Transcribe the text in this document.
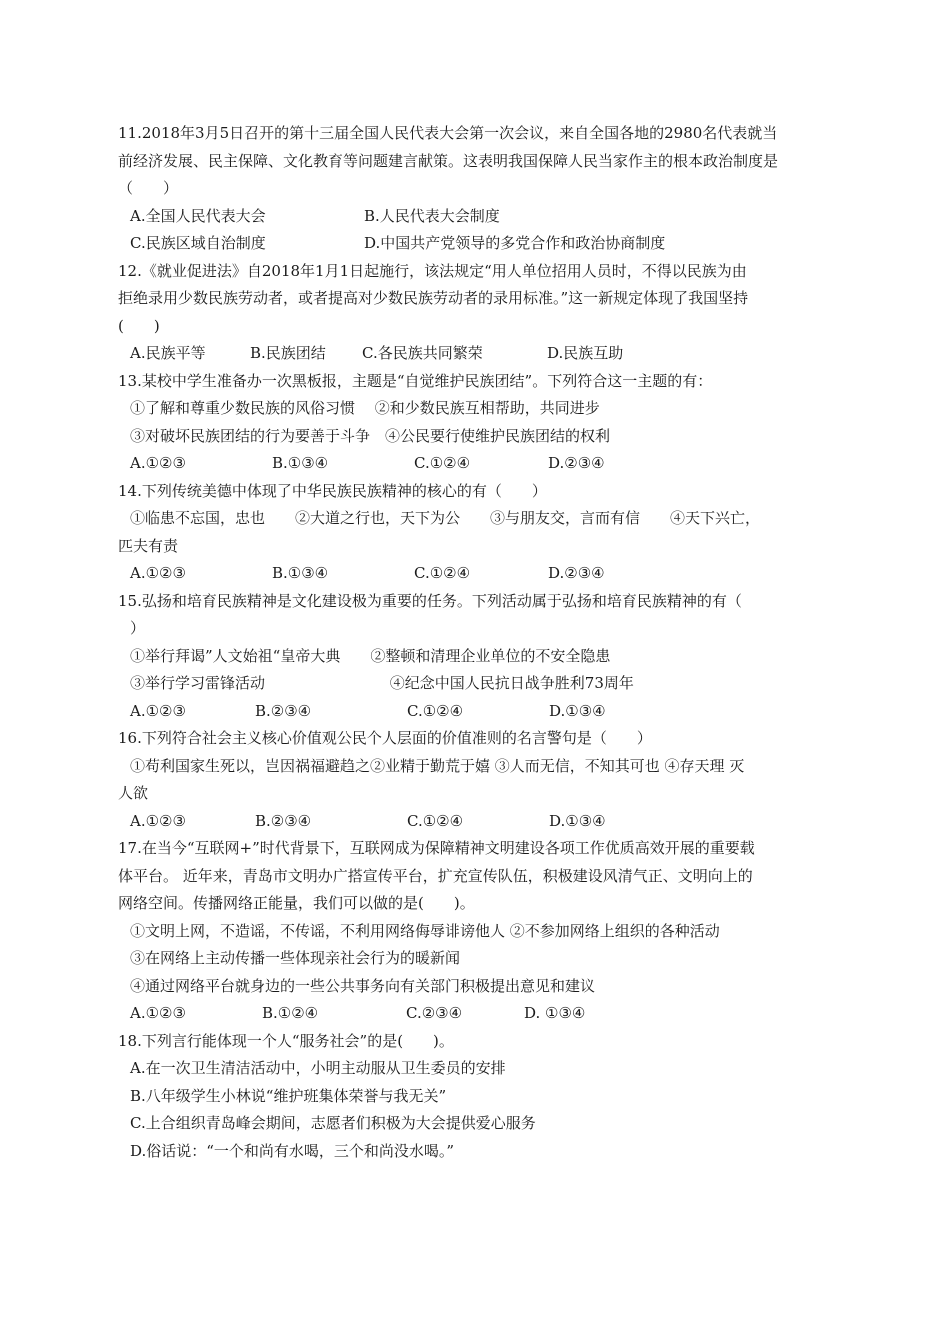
11.2018年3月5日召开的第十三届全国人民代表大会第一次会议，来自全国各地的2980名代表就当
前经济发展、民主保障、文化教育等问题建言献策。这表明我国保障人民当家作主的根本政治制度是
（　　）
A.全国人民代表大会	B.人民代表大会制度
C.民族区域自治制度	D.中国共产党领导的多党合作和政治协商制度
12.《就业促进法》自2018年1月1日起施行，该法规定“用人单位招用人员时，不得以民族为由
拒绝录用少数民族劳动者，或者提高对少数民族劳动者的录用标准。”这一新规定体现了我国坚持
(　　)
A.民族平等	B.民族团结	C.各民族共同繁荣	D.民族互助
13.某校中学生准备办一次黑板报，主题是“自觉维护民族团结”。下列符合这一主题的有：
①了解和尊重少数民族的风俗习惯　 ②和少数民族互相帮助，共同进步
③对破坏民族团结的行为要善于斗争　④公民要行使维护民族团结的权利
A.①②③	B.①③④	C.①②④	D.②③④
14.下列传统美德中体现了中华民族民族精神的核心的有（　　）
①临患不忘国，忠也　　②大道之行也，天下为公　　③与朋友交，言而有信　　④天下兴亡，
匹夫有责
A.①②③	B.①③④	C.①②④	D.②③④
15.弘扬和培育民族精神是文化建设极为重要的任务。下列活动属于弘扬和培育民族精神的有（
）
①举行拜谒”人文始祖“皇帝大典　　②整顿和清理企业单位的不安全隐患
③举行学习雷锋活动　　　　　　　　 ④纪念中国人民抗日战争胜利73周年
A.①②③	B.②③④	C.①②④	D.①③④
16.下列符合社会主义核心价值观公民个人层面的价值准则的名言警句是（　　）
①苟利国家生死以，岂因祸福避趋之②业精于勤荒于嬉 ③人而无信，不知其可也 ④存天理 灭
人欲
A.①②③	B.②③④	C.①②④	D.①③④
17.在当今“互联网+”时代背景下，互联网成为保障精神文明建设各项工作优质高效开展的重要载
体平台。 近年来，青岛市文明办广搭宣传平台，扩充宣传队伍，积极建设风清气正、文明向上的
网络空间。传播网络正能量，我们可以做的是(　　)。
①文明上网，不造谣，不传谣，不利用网络侮辱诽谤他人 ②不参加网络上组织的各种活动
③在网络上主动传播一些体现亲社会行为的暖新闻
④通过网络平台就身边的一些公共事务向有关部门积极提出意见和建议
A.①②③	B.①②④	C.②③④	D. ①③④
18.下列言行能体现一个人“服务社会”的是(　　)。
A.在一次卫生清洁活动中，小明主动服从卫生委员的安排
B.八年级学生小林说“维护班集体荣誉与我无关”
C.上合组织青岛峰会期间，志愿者们积极为大会提供爱心服务
D.俗话说：“一个和尚有水喝，三个和尚没水喝。”
